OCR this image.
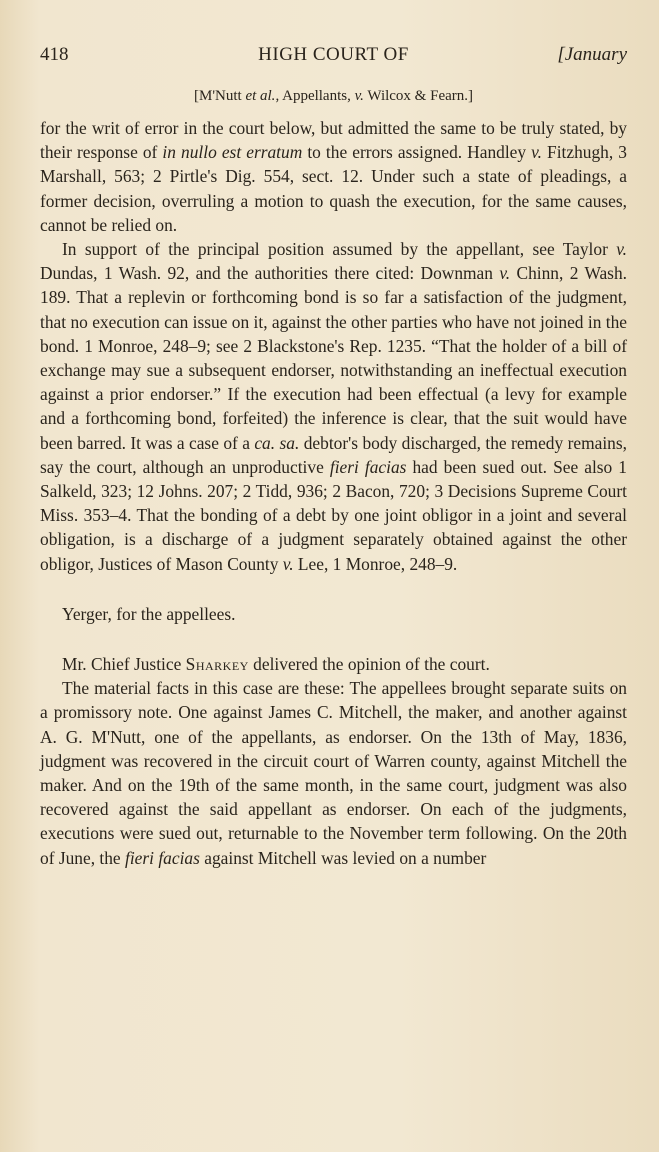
418	HIGH COURT OF	[January
[M'Nutt et al., Appellants, v. Wilcox & Fearn.]

for the writ of error in the court below, but admitted the same to be truly stated, by their response of in nullo est erratum to the errors assigned. Handley v. Fitzhugh, 3 Marshall, 563; 2 Pirtle's Dig. 554, sect. 12. Under such a state of pleadings, a former decision, overruling a motion to quash the execution, for the same causes, cannot be relied on.

In support of the principal position assumed by the appellant, see Taylor v. Dundas, 1 Wash. 92, and the authorities there cited: Downman v. Chinn, 2 Wash. 189. That a replevin or forthcoming bond is so far a satisfaction of the judgment, that no execution can issue on it, against the other parties who have not joined in the bond. 1 Monroe, 248–9; see 2 Blackstone's Rep. 1235. “That the holder of a bill of exchange may sue a subsequent endorser, notwithstanding an ineffectual execution against a prior endorser.” If the execution had been effectual (a levy for example and a forthcoming bond, forfeited) the inference is clear, that the suit would have been barred. It was a case of a ca. sa. debtor's body discharged, the remedy remains, say the court, although an unproductive fieri facias had been sued out. See also 1 Salkeld, 323; 12 Johns. 207; 2 Tidd, 936; 2 Bacon, 720; 3 Decisions Supreme Court Miss. 353–4. That the bonding of a debt by one joint obligor in a joint and several obligation, is a discharge of a judgment separately obtained against the other obligor, Justices of Mason County v. Lee, 1 Monroe, 248–9.

Yerger, for the appellees.

Mr. Chief Justice Sharkey delivered the opinion of the court.

The material facts in this case are these: The appellees brought separate suits on a promissory note. One against James C. Mitchell, the maker, and another against A. G. M'Nutt, one of the appellants, as endorser. On the 13th of May, 1836, judgment was recovered in the circuit court of Warren county, against Mitchell the maker. And on the 19th of the same month, in the same court, judgment was also recovered against the said appellant as endorser. On each of the judgments, executions were sued out, returnable to the November term following. On the 20th of June, the fieri facias against Mitchell was levied on a number
